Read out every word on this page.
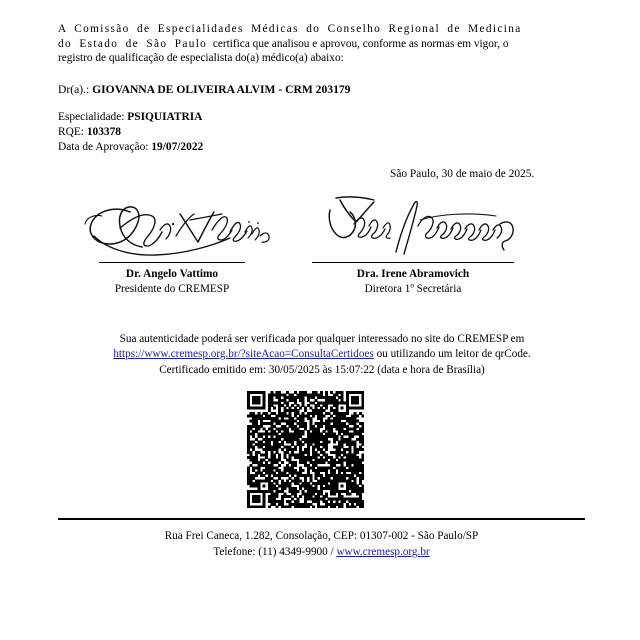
A Comissão de Especialidades Médicas do Conselho Regional de Medicina
do Estado de São Paulo certifica que analisou e aprovou, conforme as normas em vigor, o
registro de qualificação de especialista do(a) médico(a) abaixo:
Dr(a).: GIOVANNA DE OLIVEIRA ALVIM - CRM 203179
Especialidade: PSIQUIATRIA
RQE: 103378
Data de Aprovação: 19/07/2022
São Paulo, 30 de maio de 2025.
Dr. Angelo Vattimo
Presidente do CREMESP
Dra. Irene Abramovich
Diretora 1º Secretária
Sua autenticidade poderá ser verificada por qualquer interessado no site do CREMESP em
https://www.cremesp.org.br/?siteAcao=ConsultaCertidoes ou utilizando um leitor de qrCode.
Certificado emitido em: 30/05/2025 às 15:07:22 (data e hora de Brasília)
Rua Frei Caneca, 1.282, Consolação, CEP: 01307-002 - São Paulo/SP
Telefone: (11) 4349-9900 / www.cremesp.org.br
